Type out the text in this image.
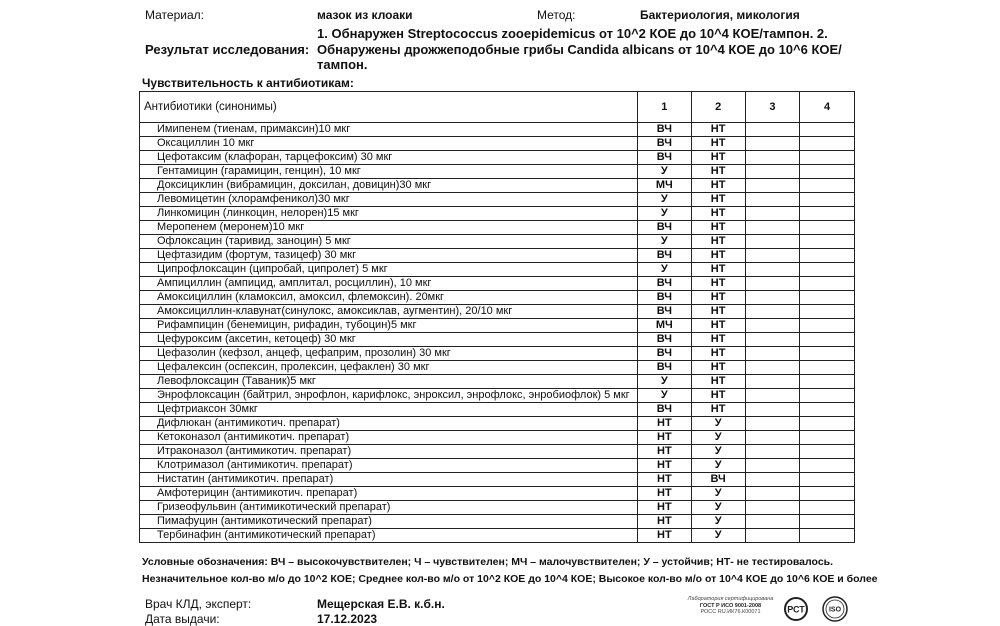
Материал:	мазок из клоаки	Метод:	Бактериология, микология
Результат исследования:
1. Обнаружен Streptococcus zooepidemicus от 10^2 КОЕ до 10^4 КОЕ/тампон. 2. Обнаружены дрожжеподобные грибы Candida albicans от 10^4 КОЕ до 10^6 КОЕ/тампон.
Чувствительность к антибиотикам:
Антибиотики (синонимы)	1	2	3	4
Имипенем (тиенам, примаксин)10 мкг	ВЧ	НТ		
Оксациллин 10 мкг	ВЧ	НТ		
Цефотаксим (клафоран, тарцефоксим) 30 мкг	ВЧ	НТ		
Гентамицин (гарамицин, генцин), 10 мкг	У	НТ		
Доксициклин (вибрамицин, доксилан, довицин)30 мкг	МЧ	НТ		
Левомицетин (хлорамфеникол)30 мкг	У	НТ		
Линкомицин (линкоцин, нелорен)15 мкг	У	НТ		
Меропенем (меронем)10 мкг	ВЧ	НТ		
Офлоксацин (таривид, заноцин) 5 мкг	У	НТ		
Цефтазидим (фортум, тазицеф) 30 мкг	ВЧ	НТ		
Ципрофлоксацин (ципробай, ципролет) 5 мкг	У	НТ		
Ампициллин (ампицид, амплитал, росциллин), 10 мкг	ВЧ	НТ		
Амоксициллин (кламоксил, амоксил, флемоксин). 20мкг	ВЧ	НТ		
Амоксициллин-клавунат(синулокс, амоксиклав, аугментин), 20/10 мкг	ВЧ	НТ		
Рифампицин (бенемицин, рифадин, тубоцин)5 мкг	МЧ	НТ		
Цефуроксим (аксетин, кетоцеф) 30 мкг	ВЧ	НТ		
Цефазолин (кефзол, анцеф, цефаприм, прозолин) 30 мкг	ВЧ	НТ		
Цефалексин (оспексин, пролексин, цефаклен) 30 мкг	ВЧ	НТ		
Левофлоксацин (Таваник)5 мкг	У	НТ		
Энрофлоксацин (байтрил, энрофлон, карифлокс, энроксил, энрофлокс, энробиофлок) 5 мкг	У	НТ		
Цефтриаксон 30мкг	ВЧ	НТ		
Дифлюкан (антимикотич. препарат)	НТ	У		
Кетоконазол (антимикотич. препарат)	НТ	У		
Итраконазол (антимикотич. препарат)	НТ	У		
Клотримазол (антимикотич. препарат)	НТ	У		
Нистатин (антимикотич. препарат)	НТ	ВЧ		
Амфотерицин (антимикотич. препарат)	НТ	У		
Гризеофульвин (антимикотический препарат)	НТ	У		
Пимафуцин (антимикотический препарат)	НТ	У		
Тербинафин (антимикотический препарат)	НТ	У		
Условные обозначения: ВЧ – высокочувствителен; Ч – чувствителен; МЧ – малочувствителен; У – устойчив; НТ- не тестировалось.
Незначительное кол-во м/о до 10^2 КОЕ; Среднее кол-во м/о от 10^2 КОЕ до 10^4 КОЕ; Высокое кол-во м/о от 10^4 КОЕ до 10^6 КОЕ и более
Врач КЛД, эксперт:	Мещерская Е.В. к.б.н.
Дата выдачи:	17.12.2023
Лаборатория сертифицирована
ГОСТ Р ИСО 9001-2008
РОСС RU.ИК76.К00071	РСТ	ISO
